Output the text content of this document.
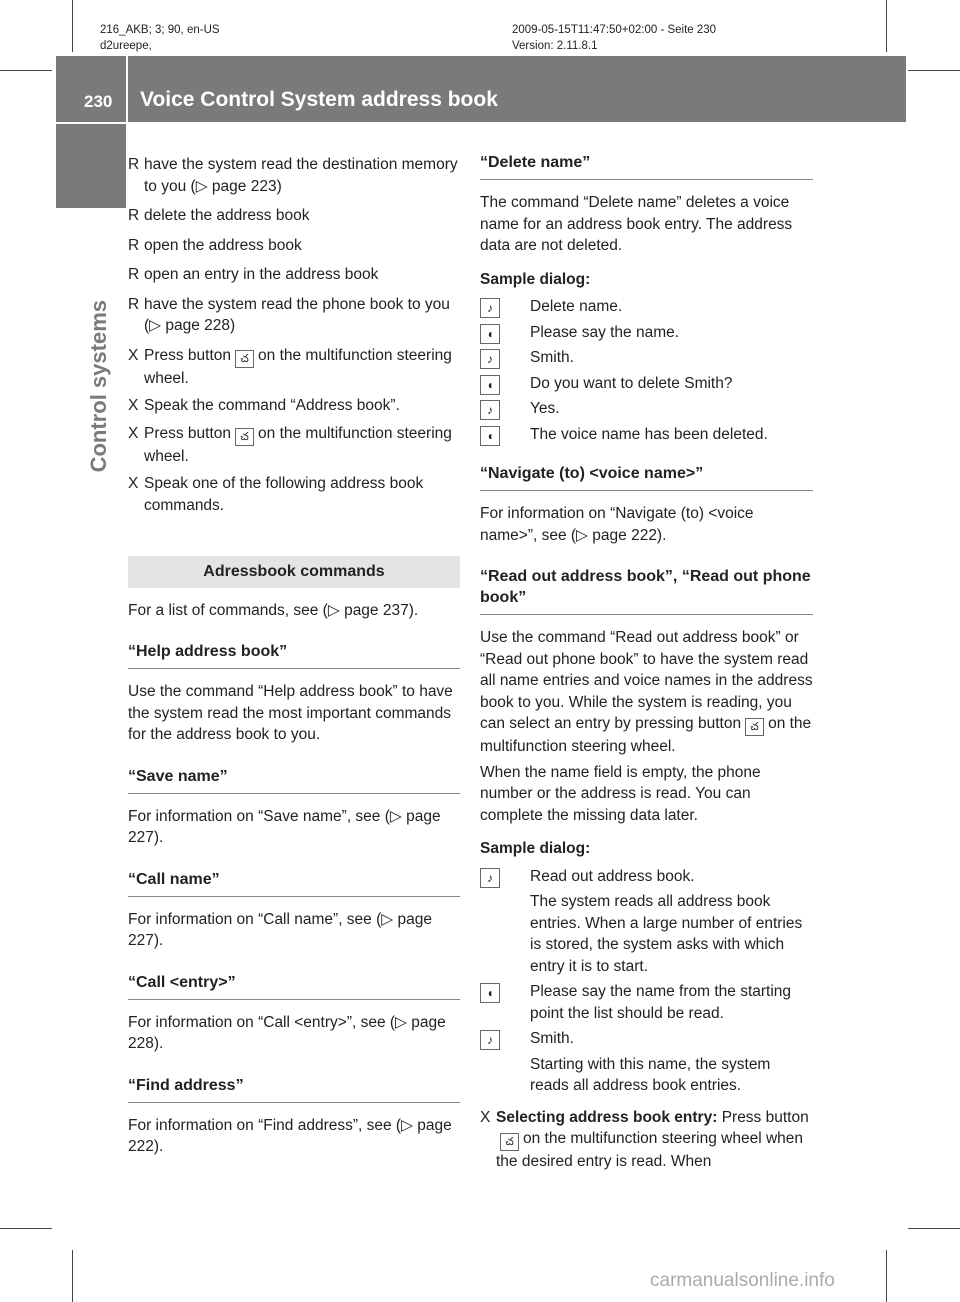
216_AKB; 3; 90, en-US
d2ureepe,
2009-05-15T11:47:50+02:00 - Seite 230
Version: 2.11.8.1
230 Voice Control System address book
Control systems
R have the system read the destination memory to you (▷ page 223)
R delete the address book
R open the address book
R open an entry in the address book
R have the system read the phone book to you (▷ page 228)
X Press button చ on the multifunction steering wheel.
X Speak the command “Address book”.
X Press button చ on the multifunction steering wheel.
X Speak one of the following address book commands.
Adressbook commands

For a list of commands, see (▷ page 237).

“Help address book”

Use the command “Help address book” to have the system read the most important commands for the address book to you.

“Save name”

For information on “Save name”, see (▷ page 227).

“Call name”

For information on “Call name”, see (▷ page 227).

“Call <entry>”

For information on “Call <entry>”, see (▷ page 228).

“Find address”

For information on “Find address”, see (▷ page 222).

“Delete name”

The command “Delete name” deletes a voice name for an address book entry. The address data are not deleted.

Sample dialog:
♪	Delete name.
◖	Please say the name.
♪	Smith.
◖	Do you want to delete Smith?
♪	Yes.
◖	The voice name has been deleted.
“Navigate (to) <voice name>”

For information on “Navigate (to) <voice name>”, see (▷ page 222).

“Read out address book”, “Read out phone book”

Use the command “Read out address book” or “Read out phone book” to have the system read all name entries and voice names in the address book to you. While the system is reading, you can select an entry by pressing button చ on the multifunction steering wheel.

When the name field is empty, the phone number or the address is read. You can complete the missing data later.

Sample dialog:
♪	Read out address book.
The system reads all address book entries. When a large number of entries is stored, the system asks with which entry it is to start.
◖	Please say the name from the starting point the list should be read.
♪	Smith.
Starting with this name, the system reads all address book entries.
X Selecting address book entry: Press buttonచ on the multifunction steering wheel when the desired entry is read. When
carmanualsonline.info
